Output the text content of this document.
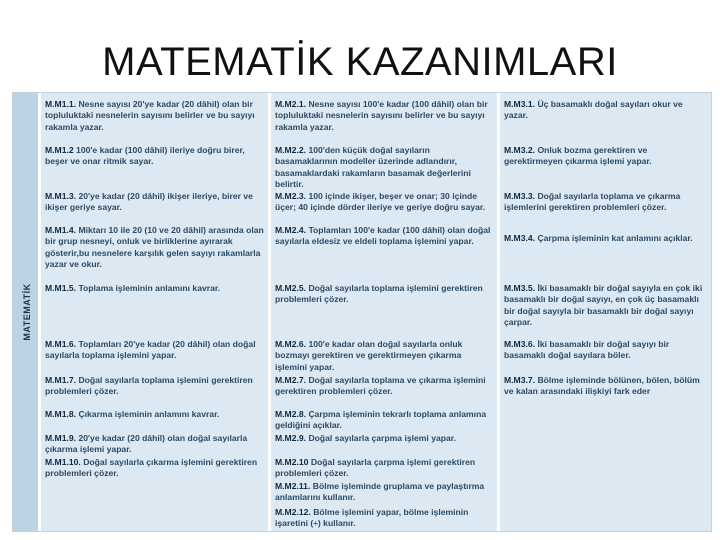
MATEMATİK KAZANIMLARI
MATEMATİK

M.M1.1. Nesne sayısı 20'ye kadar (20 dâhil) olan bir topluluktaki nesnelerin sayısını belirler ve bu sayıyı rakamla yazar.

M.M1.2 100'e kadar (100 dâhil) ileriye doğru birer, beşer ve onar ritmik sayar.

M.M1.3. 20'ye kadar (20 dâhil) ikişer ileriye, birer ve ikişer geriye sayar.

M.M1.4. Miktarı 10 ile 20 (10 ve 20 dâhil) arasında olan bir grup nesneyi, onluk ve birliklerine ayırarak gösterir,bu nesnelere karşılık gelen sayıyı rakamlarla yazar ve okur.

M.M1.5. Toplama işleminin anlamını kavrar.

M.M1.6. Toplamları 20'ye kadar (20 dâhil) olan doğal sayılarla toplama işlemini yapar.

M.M1.7. Doğal sayılarla toplama işlemini gerektiren problemleri çözer.

M.M1.8. Çıkarma işleminin anlamını kavrar.

M.M1.9. 20'ye kadar (20 dâhil) olan doğal sayılarla çıkarma işlemi yapar.

M.M1.10. Doğal sayılarla çıkarma işlemini gerektiren problemleri çözer.

M.M2.1. Nesne sayısı 100'e kadar (100 dâhil) olan bir topluluktaki nesnelerin sayısını belirler ve bu sayıyı rakamla yazar.

M.M2.2. 100'den küçük doğal sayıların basamaklarının modeller üzerinde adlandırır, basamaklardaki rakamların basamak değerlerini belirtir.

M.M2.3. 100 içinde ikişer, beşer ve onar; 30 içinde üçer; 40 içinde dörder ileriye ve geriye doğru sayar.

M.M2.4. Toplamları 100'e kadar (100 dâhil) olan doğal sayılarla eldesiz ve eldeli toplama işlemini yapar.

M.M2.5. Doğal sayılarla toplama işlemini gerektiren problemleri çözer.

M.M2.6. 100'e kadar olan doğal sayılarla onluk bozmayı gerektiren ve gerektirmeyen çıkarma işlemini yapar.

M.M2.7. Doğal sayılarla toplama ve çıkarma işlemini gerektiren problemleri çözer.

M.M2.8. Çarpma işleminin tekrarlı toplama anlamına geldiğini açıklar.

M.M2.9. Doğal sayılarla çarpma işlemi yapar.

M.M2.10 Doğal sayılarla çarpma işlemi gerektiren problemleri çözer.

M.M2.11. Bölme işleminde gruplama ve paylaştırma anlamlarını kullanır.

M.M2.12. Bölme işlemini yapar, bölme işleminin işaretini (÷) kullanır.

M.M3.1. Üç basamaklı doğal sayıları okur ve yazar.

M.M3.2. Onluk bozma gerektiren ve gerektirmeyen çıkarma işlemi yapar.

M.M3.3. Doğal sayılarla toplama ve çıkarma işlemlerini gerektiren problemleri çözer.

M.M3.4. Çarpma işleminin kat anlamını açıklar.

M.M3.5. İki basamaklı bir doğal sayıyla en çok iki basamaklı bir doğal sayıyı, en çok üç basamaklı bir doğal sayıyla bir basamaklı bir doğal sayıyı çarpar.

M.M3.6. İki basamaklı bir doğal sayıyı bir basamaklı doğal sayılara böler.

M.M3.7. Bölme işleminde bölünen, bölen, bölüm ve kalan arasındaki ilişkiyi fark eder
